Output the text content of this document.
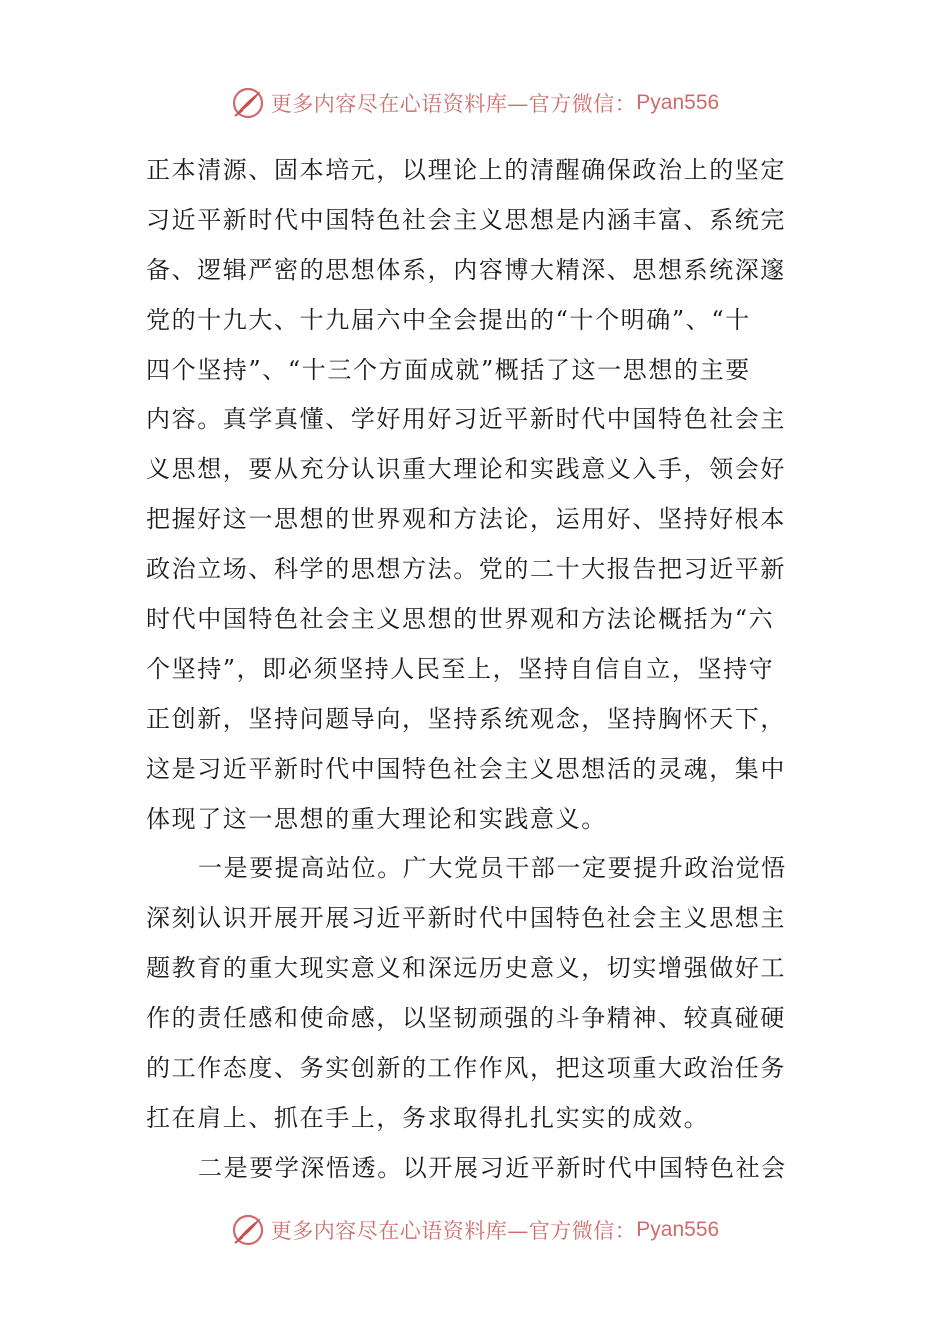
更多内容尽在心语资料库—官方微信： Pyan556
正本清源、固本培元，以理论上的清醒确保政治上的坚定
习近平新时代中国特色社会主义思想是内涵丰富、系统完
备、逻辑严密的思想体系，内容博大精深、思想系统深邃
党的十九大、十九届六中全会提出的“十个明确”、“十
四个坚持”、“十三个方面成就”概括了这一思想的主要
内容。真学真懂、学好用好习近平新时代中国特色社会主
义思想，要从充分认识重大理论和实践意义入手，领会好
把握好这一思想的世界观和方法论，运用好、坚持好根本
政治立场、科学的思想方法。党的二十大报告把习近平新
时代中国特色社会主义思想的世界观和方法论概括为“六
个坚持”，即必须坚持人民至上，坚持自信自立，坚持守
正创新，坚持问题导向，坚持系统观念，坚持胸怀天下，
这是习近平新时代中国特色社会主义思想活的灵魂，集中
体现了这一思想的重大理论和实践意义。
一是要提高站位。广大党员干部一定要提升政治觉悟
深刻认识开展开展习近平新时代中国特色社会主义思想主
题教育的重大现实意义和深远历史意义，切实增强做好工
作的责任感和使命感，以坚韧顽强的斗争精神、较真碰硬
的工作态度、务实创新的工作作风，把这项重大政治任务
扛在肩上、抓在手上，务求取得扎扎实实的成效。
二是要学深悟透。以开展习近平新时代中国特色社会
更多内容尽在心语资料库—官方微信： Pyan556
